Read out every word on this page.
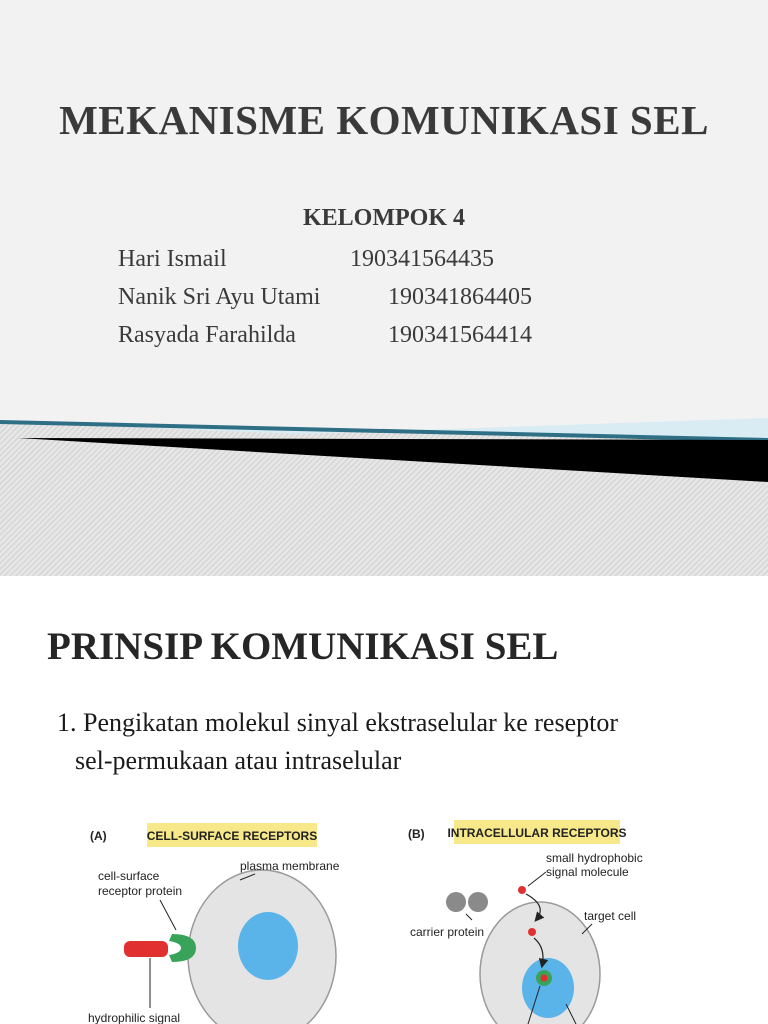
MEKANISME KOMUNIKASI SEL
KELOMPOK 4
Hari Ismail	190341564435
Nanik Sri Ayu Utami	190341864405
Rasyada Farahilda	190341564414
PRINSIP KOMUNIKASI SEL
1. Pengikatan molekul sinyal ekstraselular ke reseptor
sel-permukaan atau intraselular
(A)	CELL-SURFACE RECEPTORS
cell-surface
receptor protein
plasma membrane
hydrophilic signal
(B) INTRACELLULAR RECEPTORS
small hydrophobic
signal molecule
carrier protein
target cell
